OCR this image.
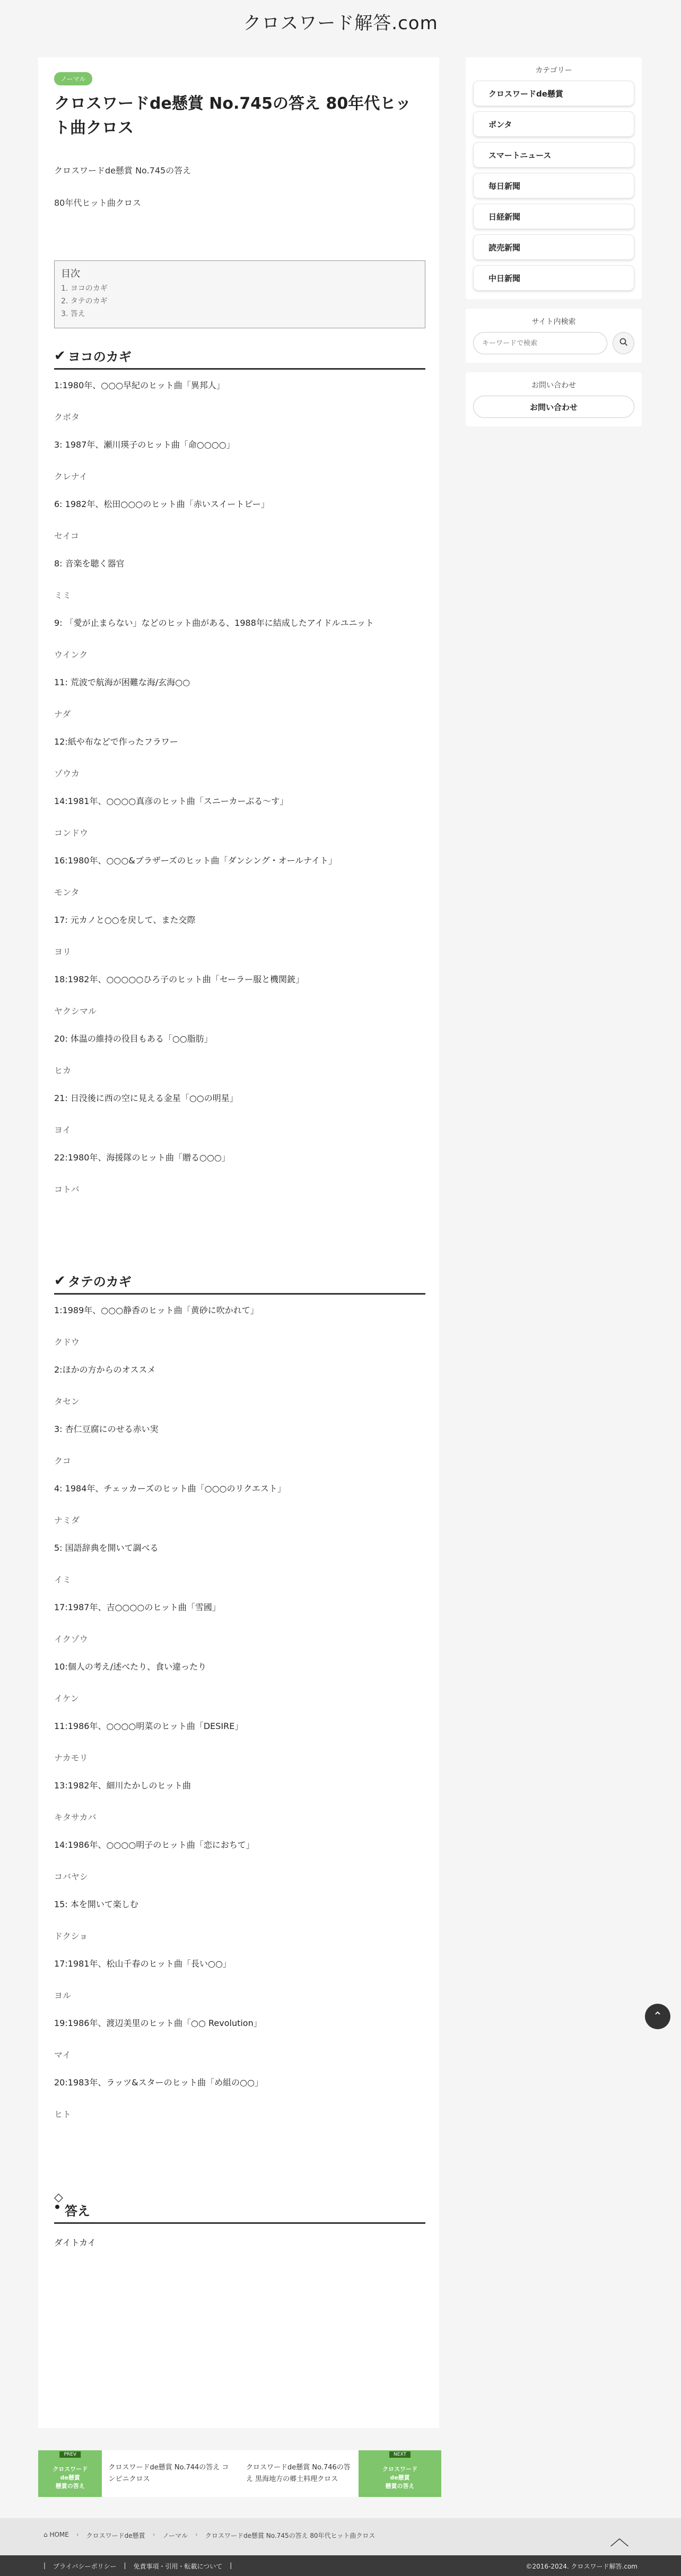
クロスワード解答.com
ノーマル
クロスワードde懸賞 No.745の答え 80年代ヒット曲クロス

クロスワードde懸賞 No.745の答え

80年代ヒット曲クロス

目次
1. ヨコのカギ
2. タテのカギ
3. 答え
✔ ヨコのカギ

1:1980年、○○○早紀のヒット曲「異邦人」

クボタ

3: 1987年、瀬川瑛子のヒット曲「命○○○○」

クレナイ

6: 1982年、松田○○○のヒット曲「赤いスイートピー」

セイコ

8: 音楽を聴く器官

ミミ

9: 「愛が止まらない」などのヒット曲がある、1988年に結成したアイドルユニット

ウインク

11: 荒波で航海が困難な海/玄海○○

ナダ

12:紙や布などで作ったフラワー

ゾウカ

14:1981年、○○○○真彦のヒット曲「スニーカーぶる～す」

コンドウ

16:1980年、○○○&ブラザーズのヒット曲「ダンシング・オールナイト」

モンタ

17: 元カノと○○を戻して、また交際

ヨリ

18:1982年、○○○○○ひろ子のヒット曲「セーラー服と機関銃」

ヤクシマル

20: 体温の維持の役目もある「○○脂肪」

ヒカ

21: 日没後に西の空に見える金星「○○の明星」

ヨイ

22:1980年、海援隊のヒット曲「贈る○○○」

コトバ

✔ タテのカギ

1:1989年、○○○静香のヒット曲「黄砂に吹かれて」

クドウ

2:ほかの方からのオススメ

タセン

3: 杏仁豆腐にのせる赤い実

クコ

4: 1984年、チェッカーズのヒット曲「○○○のリクエスト」

ナミダ

5: 国語辞典を開いて調べる

イミ

17:1987年、吉○○○○のヒット曲「雪國」

イクゾウ

10:個人の考え/述べたり、食い違ったり

イケン

11:1986年、○○○○明菜のヒット曲「DESIRE」

ナカモリ

13:1982年、細川たかしのヒット曲

キタサカバ

14:1986年、○○○○明子のヒット曲「恋におちて」

コバヤシ

15: 本を開いて楽しむ

ドクショ

17:1981年、松山千春のヒット曲「長い○○」

ヨル

19:1986年、渡辺美里のヒット曲「○○ Revolution」

マイ

20:1983年、ラッツ&スターのヒット曲「め組の○○」

ヒト

◇
答え

ダイトカイ

カテゴリー
クロスワードde懸賞
ポンタ
スマートニュース
毎日新聞
日経新聞
読売新聞
中日新聞
サイト内検索
キーワードで検索
お問い合わせ
お問い合わせ
⌃
PREV
クロスワード
de懸賞
懸賞の答え
クロスワードde懸賞 No.744の答え コンビニクロス
クロスワードde懸賞 No.746の答え 黒海地方の郷土料理クロス
NEXT
クロスワード
de懸賞
懸賞の答え
⌂ HOME › クロスワードde懸賞 › ノーマル › クロスワードde懸賞 No.745の答え 80年代ヒット曲クロス	︿
| プライバシーポリシー | 免責事項・引用・転載について |	©2016-2024. クロスワード解答.com
